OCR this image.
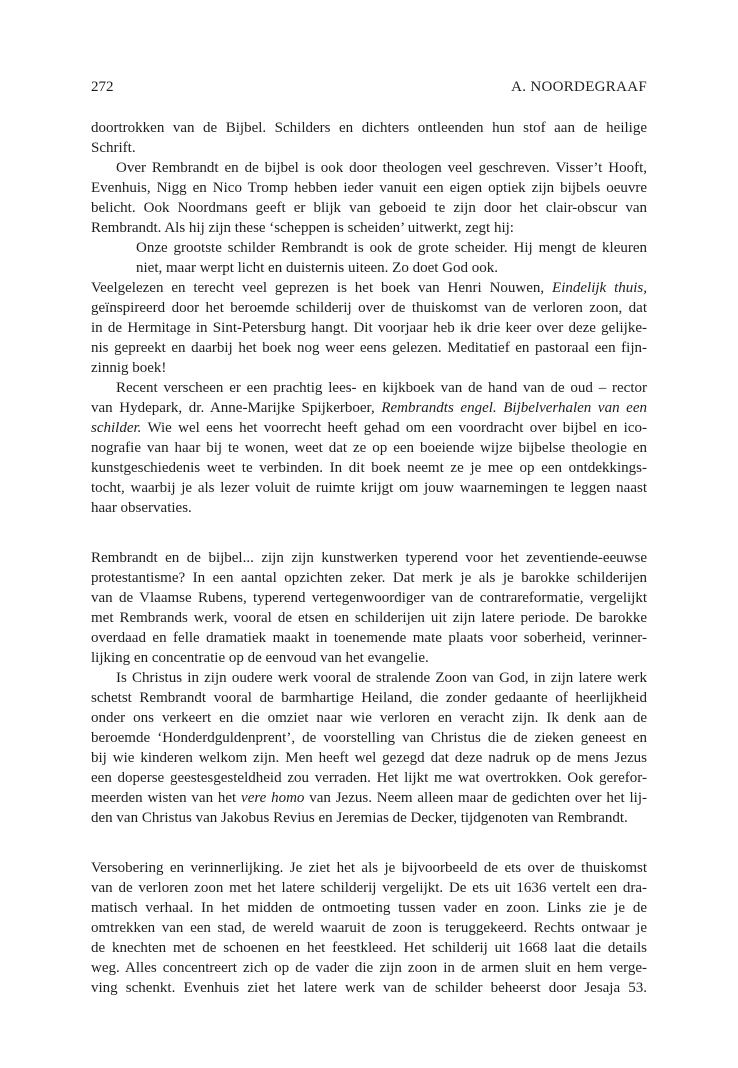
272	A. NOORDEGRAAF
doortrokken van de Bijbel. Schilders en dichters ontleenden hun stof aan de heilige
Schrift.
Over Rembrandt en de bijbel is ook door theologen veel geschreven. Visser’t Hooft,
Evenhuis, Nigg en Nico Tromp hebben ieder vanuit een eigen optiek zijn bijbels oeuvre
belicht. Ook Noordmans geeft er blijk van geboeid te zijn door het clair-obscur van
Rembrandt. Als hij zijn these ‘scheppen is scheiden’ uitwerkt, zegt hij:
Onze grootste schilder Rembrandt is ook de grote scheider. Hij mengt de kleuren
niet, maar werpt licht en duisternis uiteen. Zo doet God ook.
Veelgelezen en terecht veel geprezen is het boek van Henri Nouwen, Eindelijk thuis,
geïnspireerd door het beroemde schilderij over de thuiskomst van de verloren zoon, dat
in de Hermitage in Sint-Petersburg hangt. Dit voorjaar heb ik drie keer over deze gelijke-
nis gepreekt en daarbij het boek nog weer eens gelezen. Meditatief en pastoraal een fijn-
zinnig boek!
Recent verscheen er een prachtig lees- en kijkboek van de hand van de oud – rector
van Hydepark, dr. Anne-Marijke Spijkerboer, Rembrandts engel. Bijbelverhalen van een
schilder. Wie wel eens het voorrecht heeft gehad om een voordracht over bijbel en ico-
nografie van haar bij te wonen, weet dat ze op een boeiende wijze bijbelse theologie en
kunstgeschiedenis weet te verbinden. In dit boek neemt ze je mee op een ontdekkings-
tocht, waarbij je als lezer voluit de ruimte krijgt om jouw waarnemingen te leggen naast
haar observaties.
Rembrandt en de bijbel... zijn zijn kunstwerken typerend voor het zeventiende-eeuwse
protestantisme? In een aantal opzichten zeker. Dat merk je als je barokke schilderijen
van de Vlaamse Rubens, typerend vertegenwoordiger van de contrareformatie, vergelijkt
met Rembrands werk, vooral de etsen en schilderijen uit zijn latere periode. De barokke
overdaad en felle dramatiek maakt in toenemende mate plaats voor soberheid, verinner-
lijking en concentratie op de eenvoud van het evangelie.
Is Christus in zijn oudere werk vooral de stralende Zoon van God, in zijn latere werk
schetst Rembrandt vooral de barmhartige Heiland, die zonder gedaante of heerlijkheid
onder ons verkeert en die omziet naar wie verloren en veracht zijn. Ik denk aan de
beroemde ‘Honderdguldenprent’, de voorstelling van Christus die de zieken geneest en
bij wie kinderen welkom zijn. Men heeft wel gezegd dat deze nadruk op de mens Jezus
een doperse geestesgesteldheid zou verraden. Het lijkt me wat overtrokken. Ook gerefor-
meerden wisten van het vere homo van Jezus. Neem alleen maar de gedichten over het lij-
den van Christus van Jakobus Revius en Jeremias de Decker, tijdgenoten van Rembrandt.
Versobering en verinnerlijking. Je ziet het als je bijvoorbeeld de ets over de thuiskomst
van de verloren zoon met het latere schilderij vergelijkt. De ets uit 1636 vertelt een dra-
matisch verhaal. In het midden de ontmoeting tussen vader en zoon. Links zie je de
omtrekken van een stad, de wereld waaruit de zoon is teruggekeerd. Rechts ontwaar je
de knechten met de schoenen en het feestkleed. Het schilderij uit 1668 laat die details
weg. Alles concentreert zich op de vader die zijn zoon in de armen sluit en hem verge-
ving schenkt. Evenhuis ziet het latere werk van de schilder beheerst door Jesaja 53.
